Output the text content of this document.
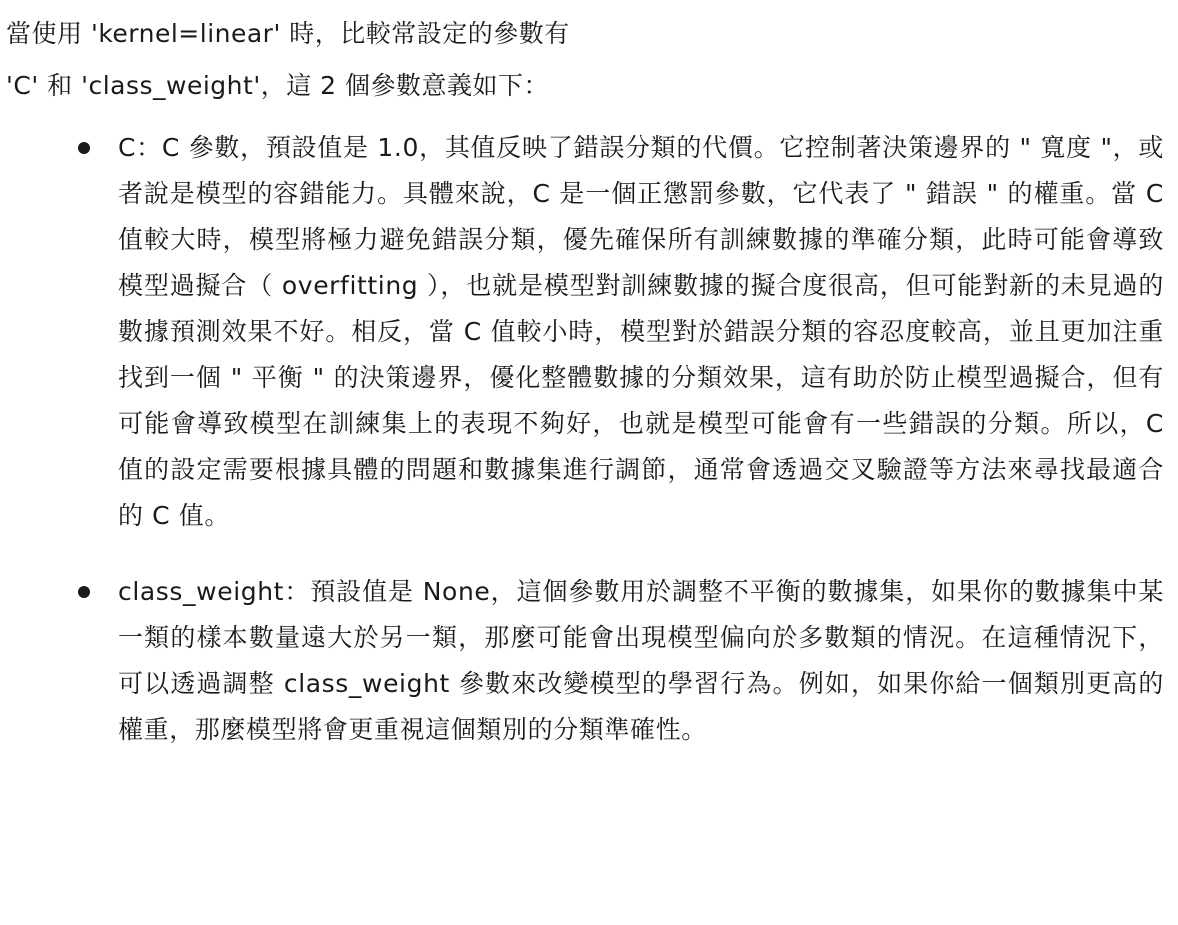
當使用 'kernel=linear' 時，比較常設定的參數有

'C' 和 'class_weight'，這 2 個參數意義如下：

C：C 參數，預設值是 1.0，其值反映了錯誤分類的代價。它控制著決策邊界的 " 寬度 "，或者說是模型的容錯能力。具體來說，C 是一個正懲罰參數，它代表了 " 錯誤 " 的權重。當 C 值較大時，模型將極力避免錯誤分類，優先確保所有訓練數據的準確分類，此時可能會導致模型過擬合（ overfitting ），也就是模型對訓練數據的擬合度很高，但可能對新的未見過的數據預測效果不好。相反，當 C 值較小時，模型對於錯誤分類的容忍度較高，並且更加注重找到一個 " 平衡 " 的決策邊界，優化整體數據的分類效果，這有助於防止模型過擬合，但有可能會導致模型在訓練集上的表現不夠好，也就是模型可能會有一些錯誤的分類。所以，C 值的設定需要根據具體的問題和數據集進行調節，通常會透過交叉驗證等方法來尋找最適合的 C 值。
class_weight：預設值是 None，這個參數用於調整不平衡的數據集，如果你的數據集中某一類的樣本數量遠大於另一類，那麼可能會出現模型偏向於多數類的情況。在這種情況下，可以透過調整 class_weight 參數來改變模型的學習行為。例如，如果你給一個類別更高的權重，那麼模型將會更重視這個類別的分類準確性。
